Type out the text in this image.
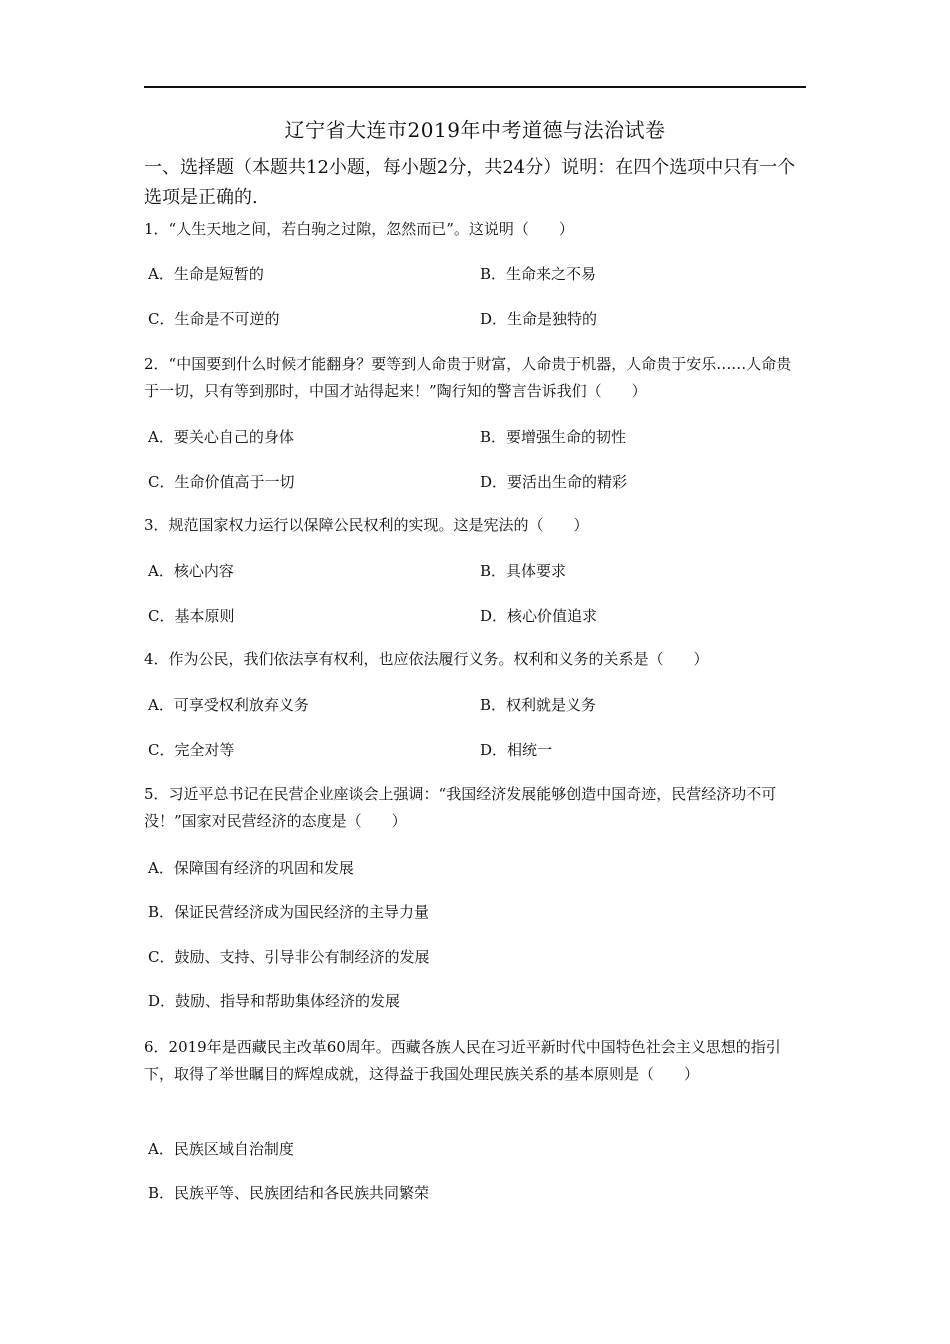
辽宁省大连市2019年中考道德与法治试卷
一、选择题（本题共12小题，每小题2分，共24分）说明：在四个选项中只有一个选项是正确的.
1．“人生天地之间，若白驹之过隙，忽然而已”。这说明（　　）
A．生命是短暂的	B．生命来之不易
C．生命是不可逆的	D．生命是独特的
2．“中国要到什么时候才能翻身？要等到人命贵于财富，人命贵于机器，人命贵于安乐……人命贵于一切，只有等到那时，中国才站得起来！”陶行知的警言告诉我们（　　）
A．要关心自己的身体	B．要增强生命的韧性
C．生命价值高于一切	D．要活出生命的精彩
3．规范国家权力运行以保障公民权利的实现。这是宪法的（　　）
A．核心内容	B．具体要求
C．基本原则	D．核心价值追求
4．作为公民，我们依法享有权利，也应依法履行义务。权利和义务的关系是（　　）
A．可享受权利放弃义务	B．权利就是义务
C．完全对等	D．相统一
5．习近平总书记在民营企业座谈会上强调：“我国经济发展能够创造中国奇迹，民营经济功不可没！”国家对民营经济的态度是（　　）
A．保障国有经济的巩固和发展
B．保证民营经济成为国民经济的主导力量
C．鼓励、支持、引导非公有制经济的发展
D．鼓励、指导和帮助集体经济的发展
6．2019年是西藏民主改革60周年。西藏各族人民在习近平新时代中国特色社会主义思想的指引下，取得了举世瞩目的辉煌成就，这得益于我国处理民族关系的基本原则是（　　）
A．民族区域自治制度
B．民族平等、民族团结和各民族共同繁荣
